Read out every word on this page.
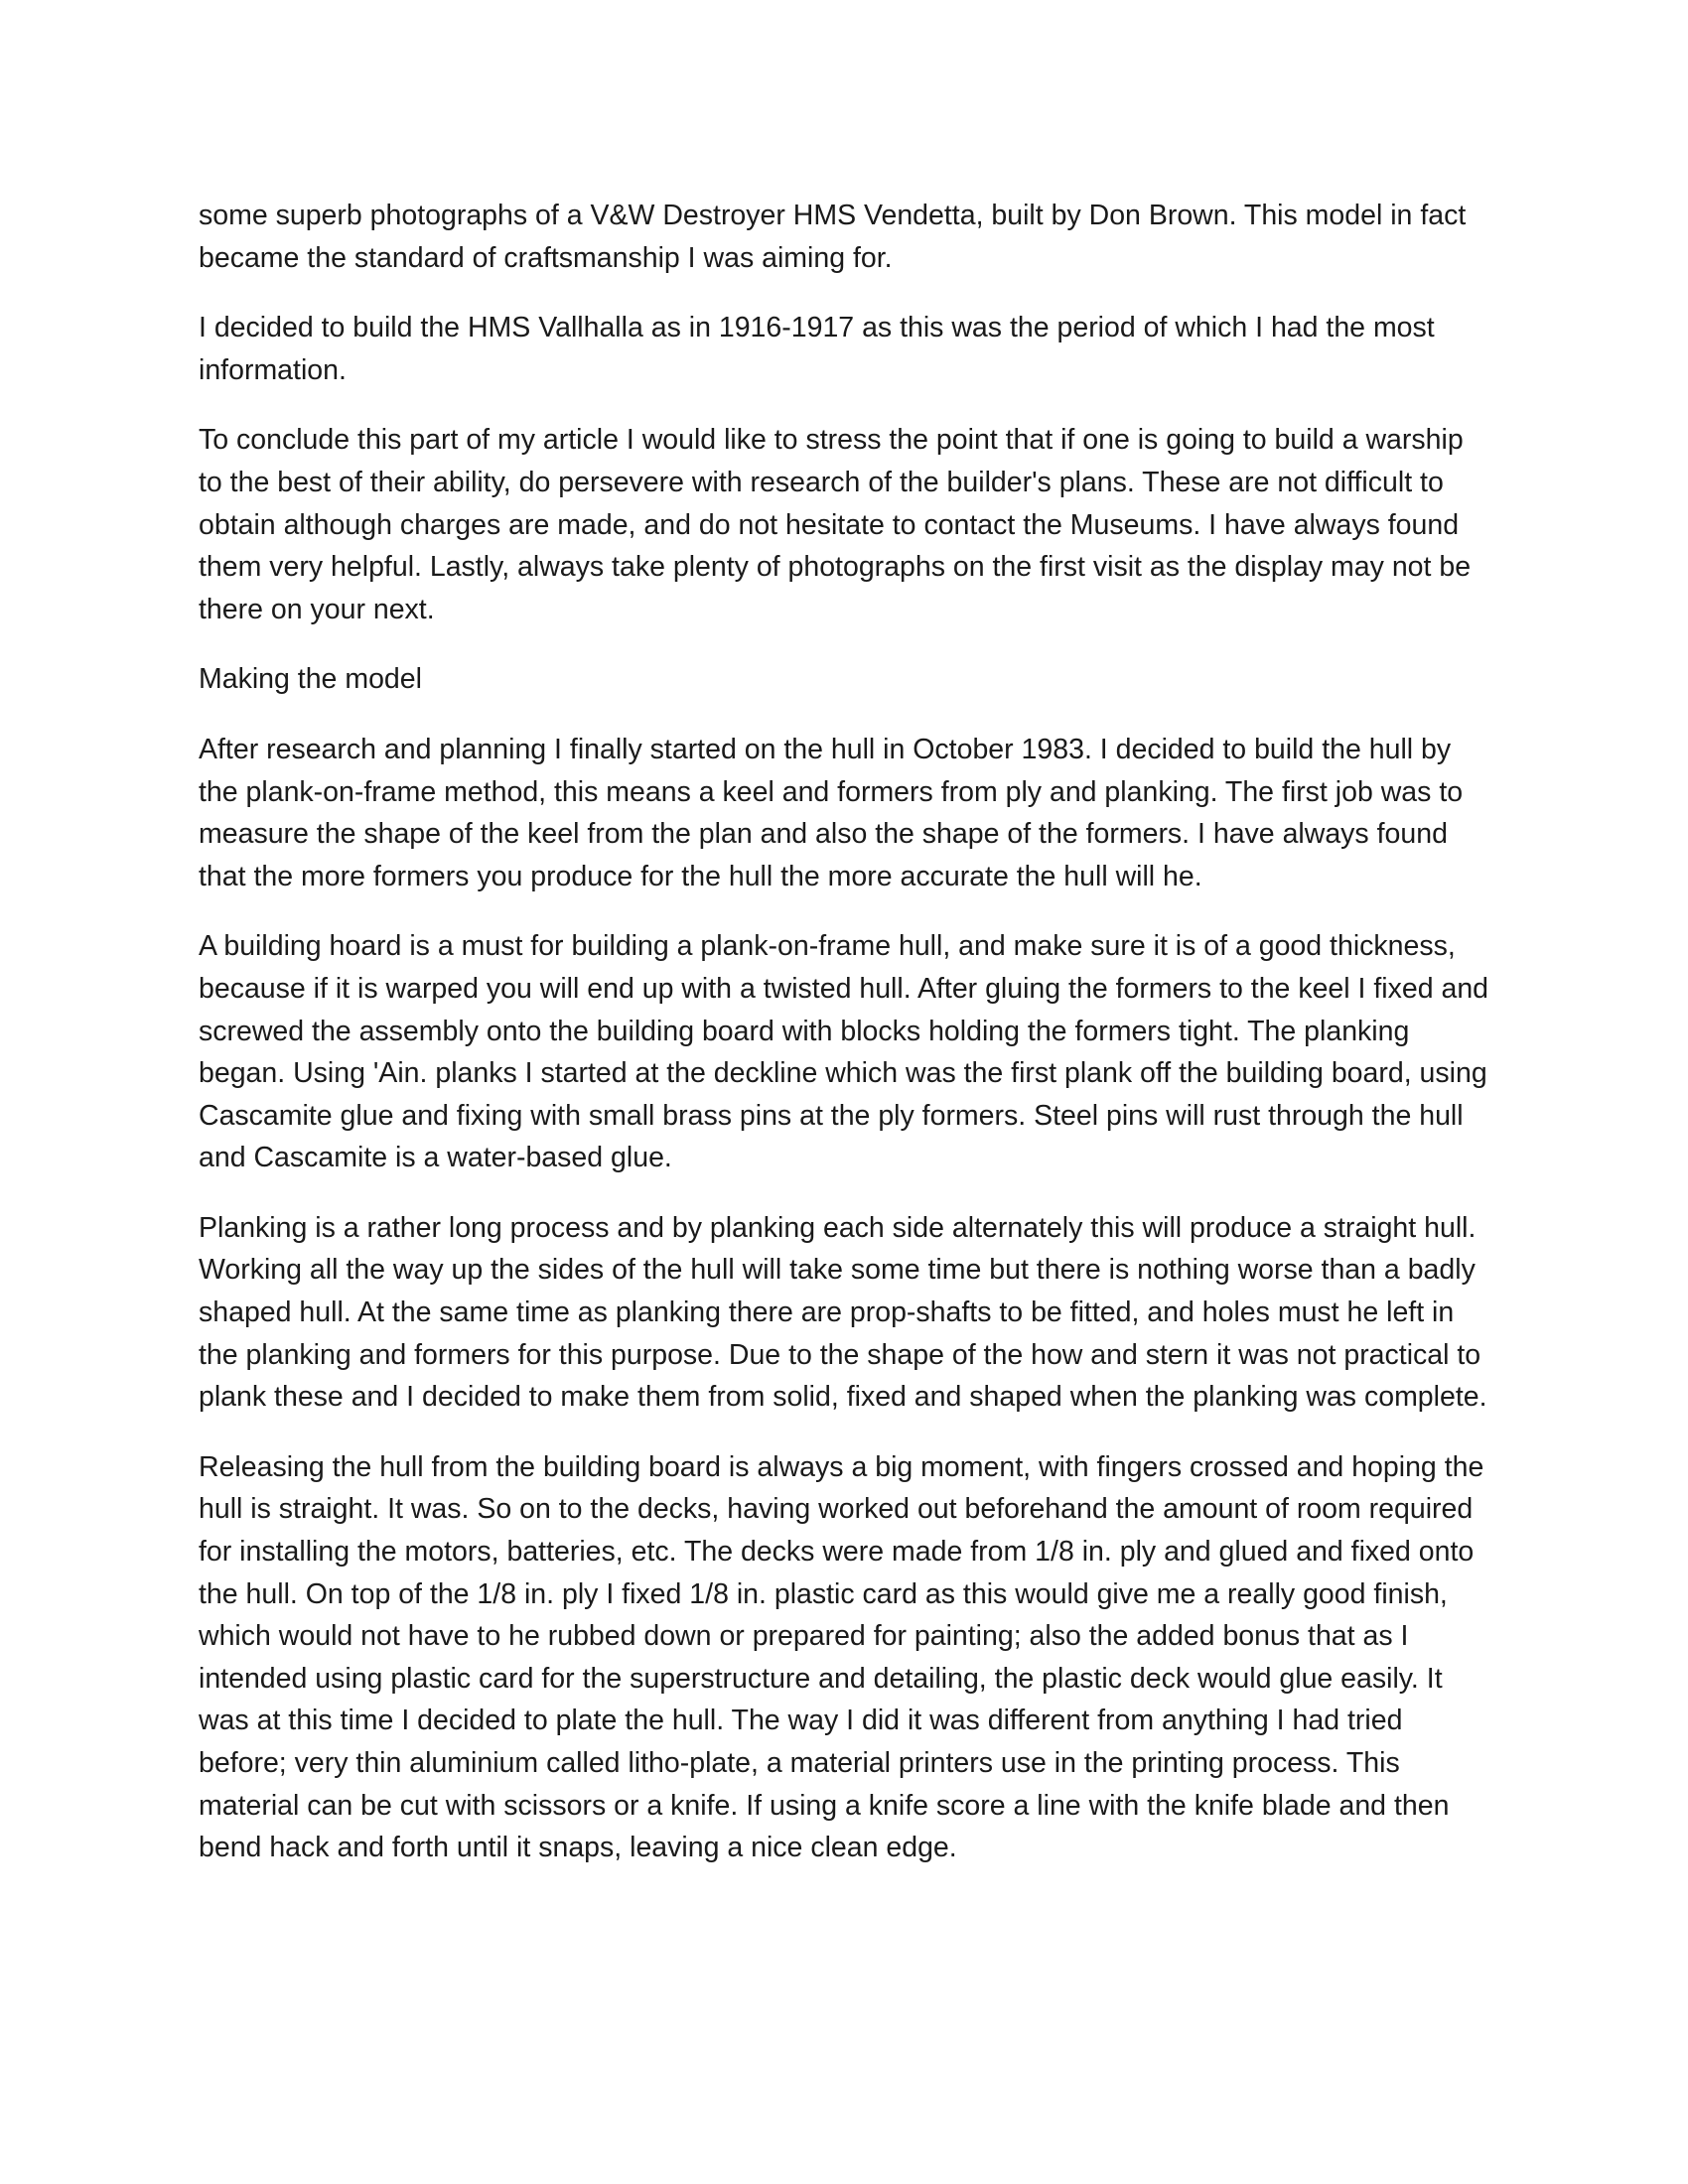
some superb photographs of a V&W Destroyer HMS Vendetta, built by Don Brown. This model in fact became the standard of craftsmanship I was aiming for.

I decided to build the HMS Vallhalla as in 1916-1917 as this was the period of which I had the most information.

To conclude this part of my article I would like to stress the point that if one is going to build a warship to the best of their ability, do persevere with research of the builder's plans. These are not difficult to obtain although charges are made, and do not hesitate to contact the Museums. I have always found them very helpful. Lastly, always take plenty of photographs on the first visit as the display may not be there on your next.

Making the model

After research and planning I finally started on the hull in October 1983. I decided to build the hull by the plank-on-frame method, this means a keel and formers from ply and planking. The first job was to measure the shape of the keel from the plan and also the shape of the formers. I have always found that the more formers you produce for the hull the more accurate the hull will he.

A building hoard is a must for building a plank-on-frame hull, and make sure it is of a good thickness, because if it is warped you will end up with a twisted hull. After gluing the formers to the keel I fixed and screwed the assembly onto the building board with blocks holding the formers tight. The planking began. Using 'Ain. planks I started at the deckline which was the first plank off the building board, using Cascamite glue and fixing with small brass pins at the ply formers. Steel pins will rust through the hull and Cascamite is a water-based glue.

Planking is a rather long process and by planking each side alternately this will produce a straight hull. Working all the way up the sides of the hull will take some time but there is nothing worse than a badly shaped hull. At the same time as planking there are prop-shafts to be fitted, and holes must he left in the planking and formers for this purpose. Due to the shape of the how and stern it was not practical to plank these and I decided to make them from solid, fixed and shaped when the planking was complete.

Releasing the hull from the building board is always a big moment, with fingers crossed and hoping the hull is straight. It was. So on to the decks, having worked out beforehand the amount of room required for installing the motors, batteries, etc. The decks were made from 1/8 in. ply and glued and fixed onto the hull. On top of the 1/8 in. ply I fixed 1/8 in. plastic card as this would give me a really good finish, which would not have to he rubbed down or prepared for painting; also the added bonus that as I intended using plastic card for the superstructure and detailing, the plastic deck would glue easily. It was at this time I decided to plate the hull. The way I did it was different from anything I had tried before; very thin aluminium called litho-plate, a material printers use in the printing process. This material can be cut with scissors or a knife. If using a knife score a line with the knife blade and then bend hack and forth until it snaps, leaving a nice clean edge.
